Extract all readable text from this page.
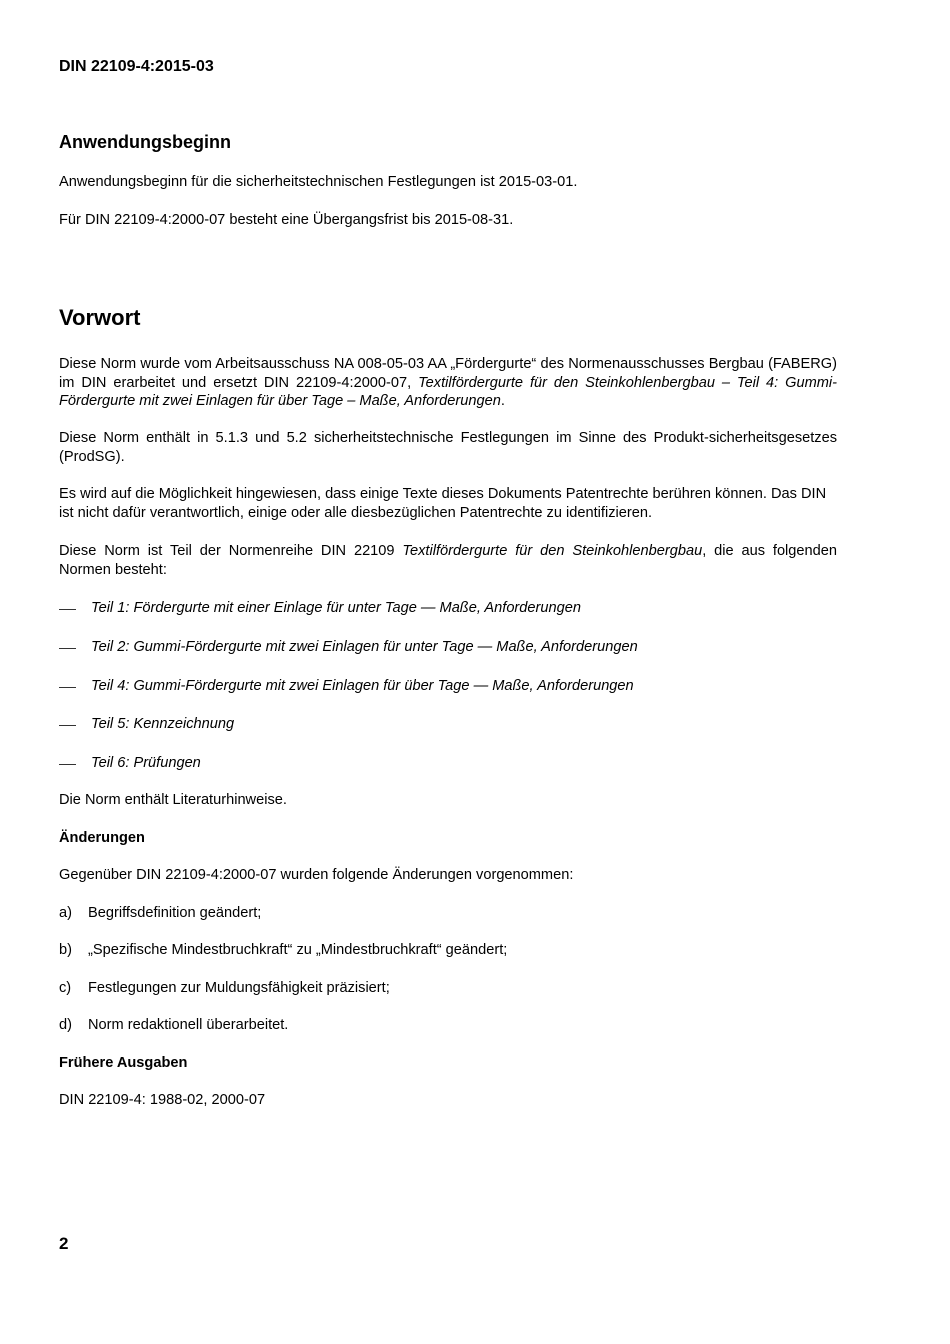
DIN 22109-4:2015-03
Anwendungsbeginn
Anwendungsbeginn für die sicherheitstechnischen Festlegungen ist 2015-03-01.
Für DIN 22109-4:2000-07 besteht eine Übergangsfrist bis 2015-08-31.
Vorwort
Diese Norm wurde vom Arbeitsausschuss NA 008-05-03 AA „Fördergurte“ des Normenausschusses Bergbau (FABERG) im DIN erarbeitet und ersetzt DIN 22109-4:2000-07, Textilfördergurte für den Steinkohlenbergbau – Teil 4: Gummi-Fördergurte mit zwei Einlagen für über Tage – Maße, Anforderungen.
Diese Norm enthält in 5.1.3 und 5.2 sicherheitstechnische Festlegungen im Sinne des Produkt-sicherheitsgesetzes (ProdSG).
Es wird auf die Möglichkeit hingewiesen, dass einige Texte dieses Dokuments Patentrechte berühren können. Das DIN ist nicht dafür verantwortlich, einige oder alle diesbezüglichen Patentrechte zu identifizieren.
Diese Norm ist Teil der Normenreihe DIN 22109 Textilfördergurte für den Steinkohlenbergbau, die aus folgenden Normen besteht:
Teil 1: Fördergurte mit einer Einlage für unter Tage — Maße, Anforderungen
Teil 2: Gummi-Fördergurte mit zwei Einlagen für unter Tage — Maße, Anforderungen
Teil 4: Gummi-Fördergurte mit zwei Einlagen für über Tage — Maße, Anforderungen
Teil 5: Kennzeichnung
Teil 6: Prüfungen
Die Norm enthält Literaturhinweise.
Änderungen
Gegenüber DIN 22109-4:2000-07 wurden folgende Änderungen vorgenommen:
a) Begriffsdefinition geändert;
b) „Spezifische Mindestbruchkraft“ zu „Mindestbruchkraft“ geändert;
c) Festlegungen zur Muldungsfähigkeit präzisiert;
d) Norm redaktionell überarbeitet.
Frühere Ausgaben
DIN 22109-4: 1988-02, 2000-07
2
